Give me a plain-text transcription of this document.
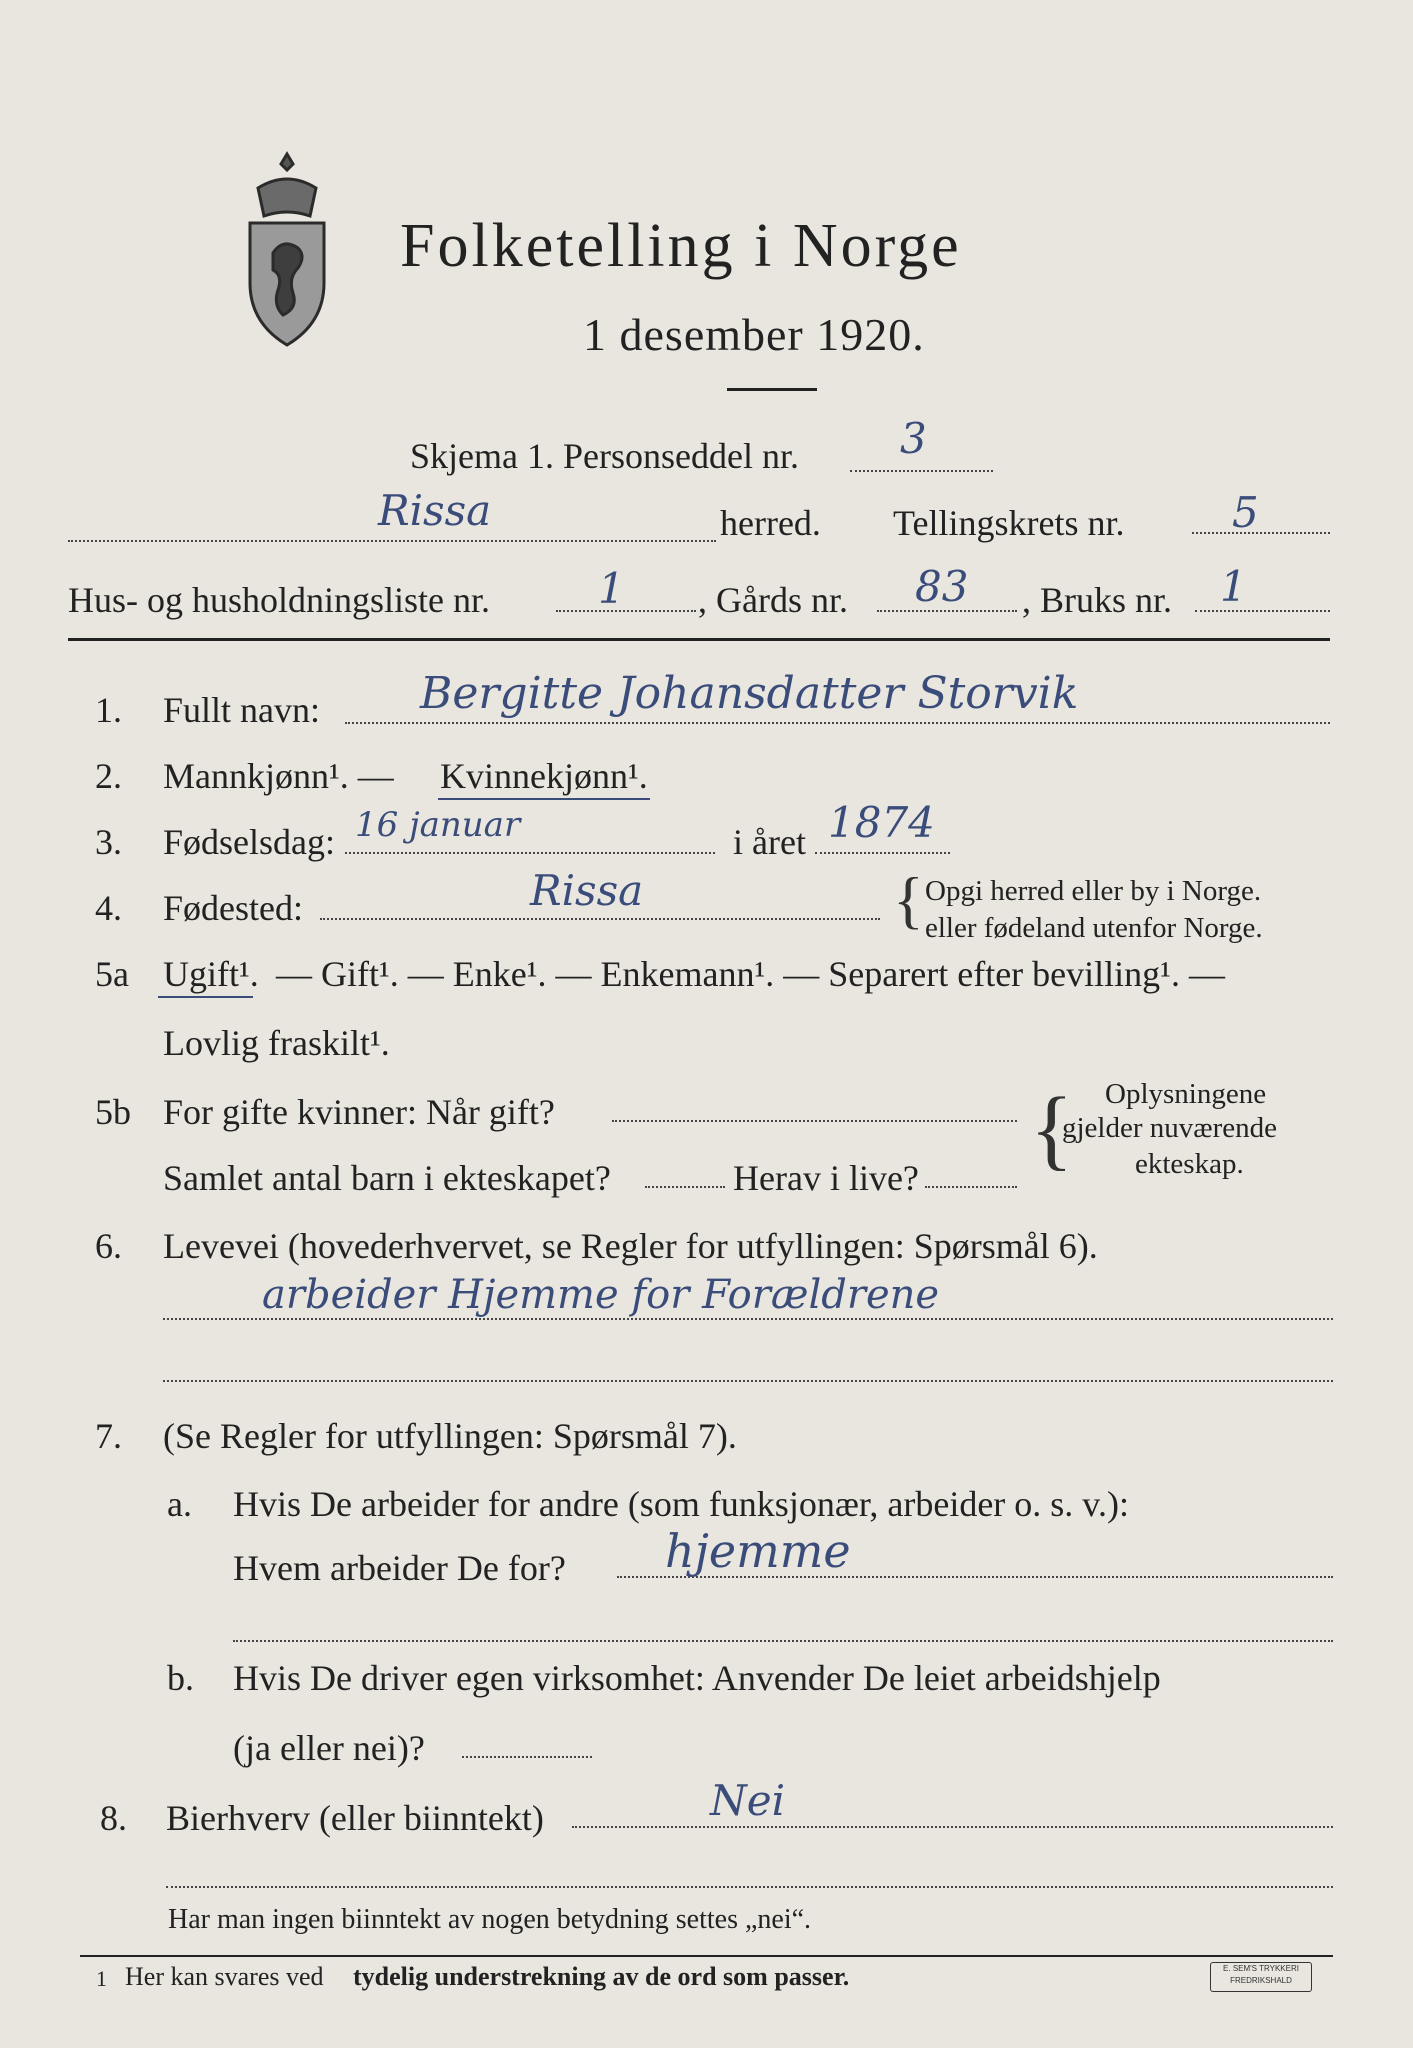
Folketelling i Norge
1 desember 1920.
Skjema 1. Personseddel nr. 3
Rissa	herred. Tellingskrets nr.	5
Hus- og husholdningsliste nr.	1 , Gårds nr. 83 , Bruks nr. 1
1. Fullt navn: Bergitte Johansdatter Storvik
2. Mannkjønn¹. — Kvinnekjønn¹.
3. Fødselsdag: 16 januar	i året 1874
4. Fødested:	Rissa	{ Opgi herred eller by i Norge.
eller fødeland utenfor Norge.
5a Ugift¹. — Gift¹. — Enke¹. — Enkemann¹. — Separert efter bevilling¹. —
Lovlig fraskilt¹.
5b For gifte kvinner: Når gift?
Samlet antal barn i ekteskapet?	Herav i live? { Oplysningene
gjelder nuværende
ekteskap.
6. Levevei (hovederhvervet, se Regler for utfyllingen: Spørsmål 6).
arbeider Hjemme for Forældrene
7. (Se Regler for utfyllingen: Spørsmål 7).
a. Hvis De arbeider for andre (som funksjonær, arbeider o. s. v.):
Hvem arbeider De for? hjemme
b. Hvis De driver egen virksomhet: Anvender De leiet arbeidshjelp
(ja eller nei)?
8. Bierhverv (eller biinntekt)	Nei
Har man ingen biinntekt av nogen betydning settes „nei“.
1 Her kan svares ved tydelig understrekning av de ord som passer.	E. SEM'S TRYKKERI FREDRIKSHALD
